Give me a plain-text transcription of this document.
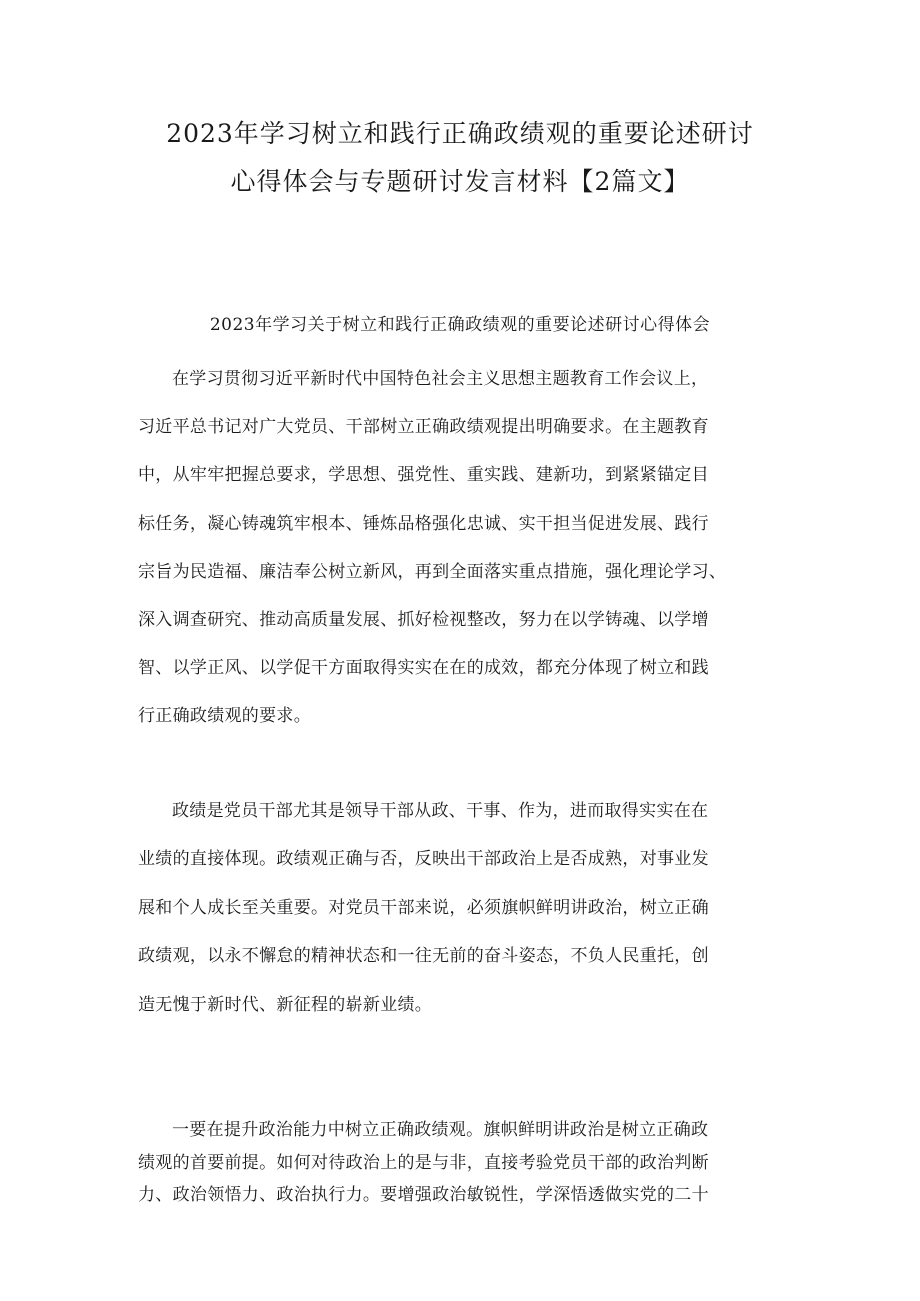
2023年学习树立和践行正确政绩观的重要论述研讨
心得体会与专题研讨发言材料【2篇文】
2023年学习关于树立和践行正确政绩观的重要论述研讨心得体会
在学习贯彻习近平新时代中国特色社会主义思想主题教育工作会议上，
习近平总书记对广大党员、干部树立正确政绩观提出明确要求。在主题教育
中，从牢牢把握总要求，学思想、强党性、重实践、建新功，到紧紧锚定目
标任务，凝心铸魂筑牢根本、锤炼品格强化忠诚、实干担当促进发展、践行
宗旨为民造福、廉洁奉公树立新风，再到全面落实重点措施，强化理论学习、
深入调查研究、推动高质量发展、抓好检视整改，努力在以学铸魂、以学增
智、以学正风、以学促干方面取得实实在在的成效，都充分体现了树立和践
行正确政绩观的要求。
政绩是党员干部尤其是领导干部从政、干事、作为，进而取得实实在在
业绩的直接体现。政绩观正确与否，反映出干部政治上是否成熟，对事业发
展和个人成长至关重要。对党员干部来说，必须旗帜鲜明讲政治，树立正确
政绩观，以永不懈怠的精神状态和一往无前的奋斗姿态，不负人民重托，创
造无愧于新时代、新征程的崭新业绩。
一要在提升政治能力中树立正确政绩观。旗帜鲜明讲政治是树立正确政
绩观的首要前提。如何对待政治上的是与非，直接考验党员干部的政治判断
力、政治领悟力、政治执行力。要增强政治敏锐性，学深悟透做实党的二十
